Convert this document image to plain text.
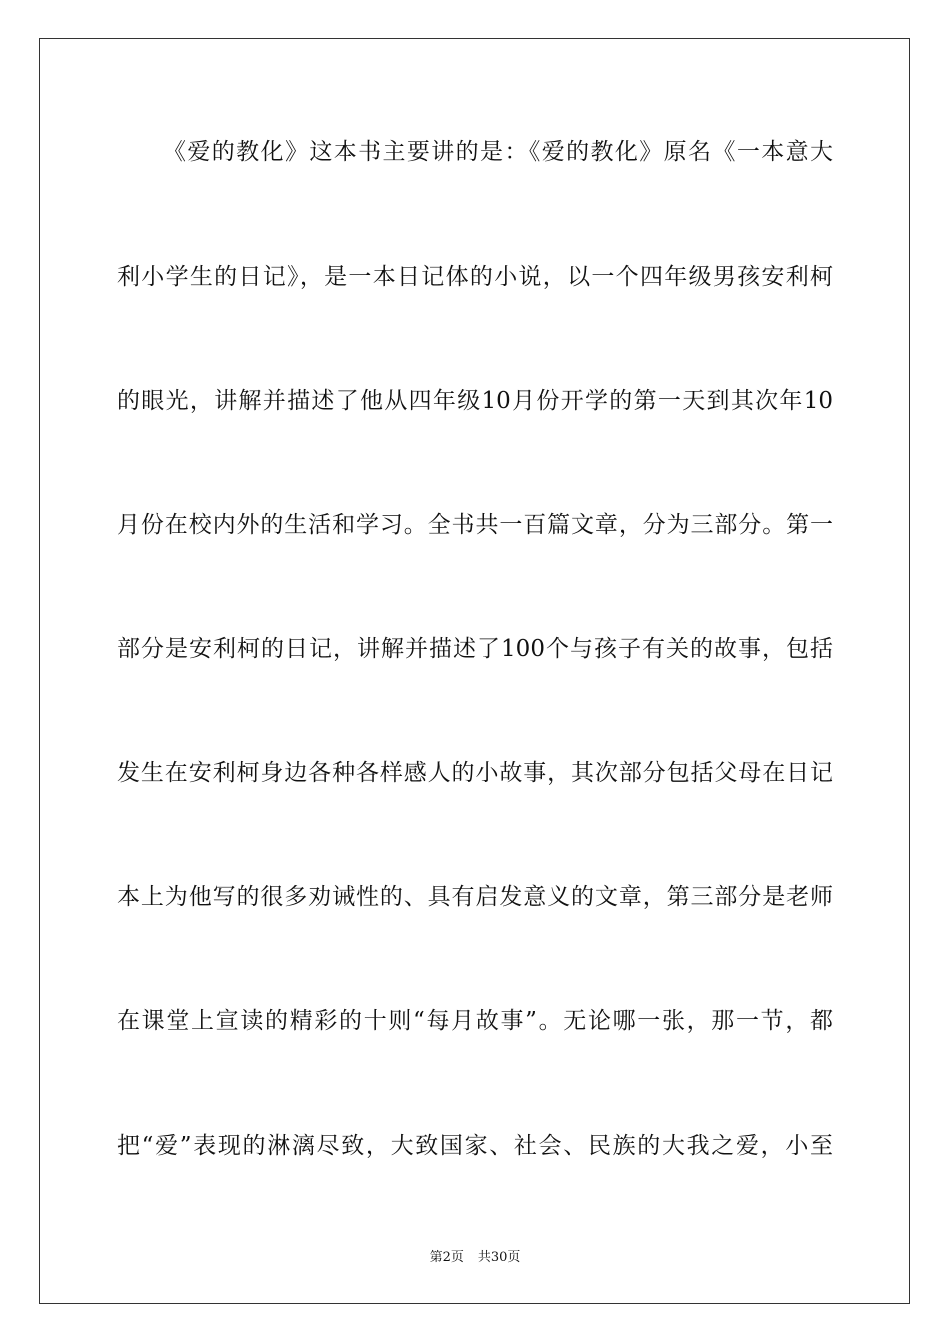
《爱的教化》这本书主要讲的是：《爱的教化》原名《一本意大
利小学生的日记》，是一本日记体的小说，以一个四年级男孩安利柯
的眼光，讲解并描述了他从四年级10月份开学的第一天到其次年10
月份在校内外的生活和学习。全书共一百篇文章，分为三部分。第一
部分是安利柯的日记，讲解并描述了100个与孩子有关的故事，包括
发生在安利柯身边各种各样感人的小故事，其次部分包括父母在日记
本上为他写的很多劝诫性的、具有启发意义的文章，第三部分是老师
在课堂上宣读的精彩的十则“每月故事”。无论哪一张，那一节，都
把“爱”表现的淋漓尽致，大致国家、社会、民族的大我之爱，小至
第2页 共30页
